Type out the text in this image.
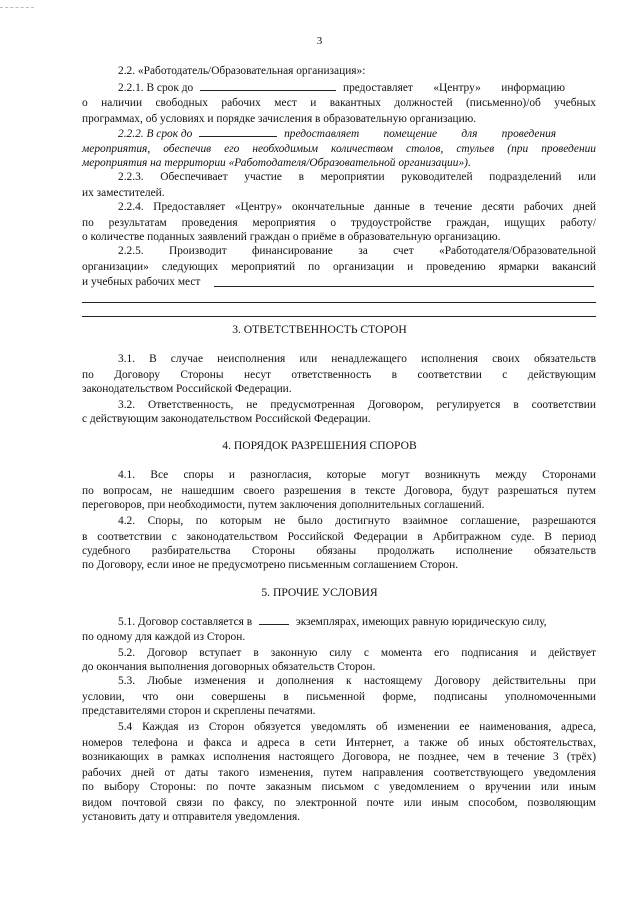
3
2.2. «Работодатель/Образовательная организация»:
2.2.1. В срок до	предоставляет «Центру» информацию
о наличии свободных рабочих мест и вакантных должностей (письменно)/об учебных
программах, об условиях и порядке зачисления в образовательную организацию.
2.2.2. В срок до	предоставляет помещение для проведения
мероприятия, обеспечив его необходимым количеством столов, стульев (при проведении
мероприятия на территории «Работодателя/Образовательной организации»).
2.2.3. Обеспечивает участие в мероприятии руководителей подразделений или
их заместителей.
2.2.4. Предоставляет «Центру» окончательные данные в течение десяти рабочих дней
по результатам проведения мероприятия о трудоустройстве граждан, ищущих работу/
о количестве поданных заявлений граждан о приёме в образовательную организацию.
2.2.5. Производит финансирование за счет «Работодателя/Образовательной
организации» следующих мероприятий по организации и проведению ярмарки вакансий
и учебных рабочих мест
3. ОТВЕТСТВЕННОСТЬ СТОРОН
3.1. В случае неисполнения или ненадлежащего исполнения своих обязательств
по Договору Стороны несут ответственность в соответствии с действующим
законодательством Российской Федерации.
3.2. Ответственность, не предусмотренная Договором, регулируется в соответствии
с действующим законодательством Российской Федерации.
4. ПОРЯДОК РАЗРЕШЕНИЯ СПОРОВ
4.1. Все споры и разногласия, которые могут возникнуть между Сторонами
по вопросам, не нашедшим своего разрешения в тексте Договора, будут разрешаться путем
переговоров, при необходимости, путем заключения дополнительных соглашений.
4.2. Споры, по которым не было достигнуто взаимное соглашение, разрешаются
в соответствии с законодательством Российской Федерации в Арбитражном суде. В период
судебного разбирательства Стороны обязаны продолжать исполнение обязательств
по Договору, если иное не предусмотрено письменным соглашением Сторон.
5. ПРОЧИЕ УСЛОВИЯ
5.1. Договор составляется в	экземплярах, имеющих равную юридическую силу,
по одному для каждой из Сторон.
5.2. Договор вступает в законную силу с момента его подписания и действует
до окончания выполнения договорных обязательств Сторон.
5.3. Любые изменения и дополнения к настоящему Договору действительны при
условии, что они совершены в письменной форме, подписаны уполномоченными
представителями сторон и скреплены печатями.
5.4 Каждая из Сторон обязуется уведомлять об изменении ее наименования, адреса,
номеров телефона и факса и адреса в сети Интернет, а также об иных обстоятельствах,
возникающих в рамках исполнения настоящего Договора, не позднее, чем в течение 3 (трёх)
рабочих дней от даты такого изменения, путем направления соответствующего уведомления
по выбору Стороны: по почте заказным письмом с уведомлением о вручении или иным
видом почтовой связи по факсу, по электронной почте или иным способом, позволяющим
установить дату и отправителя уведомления.
